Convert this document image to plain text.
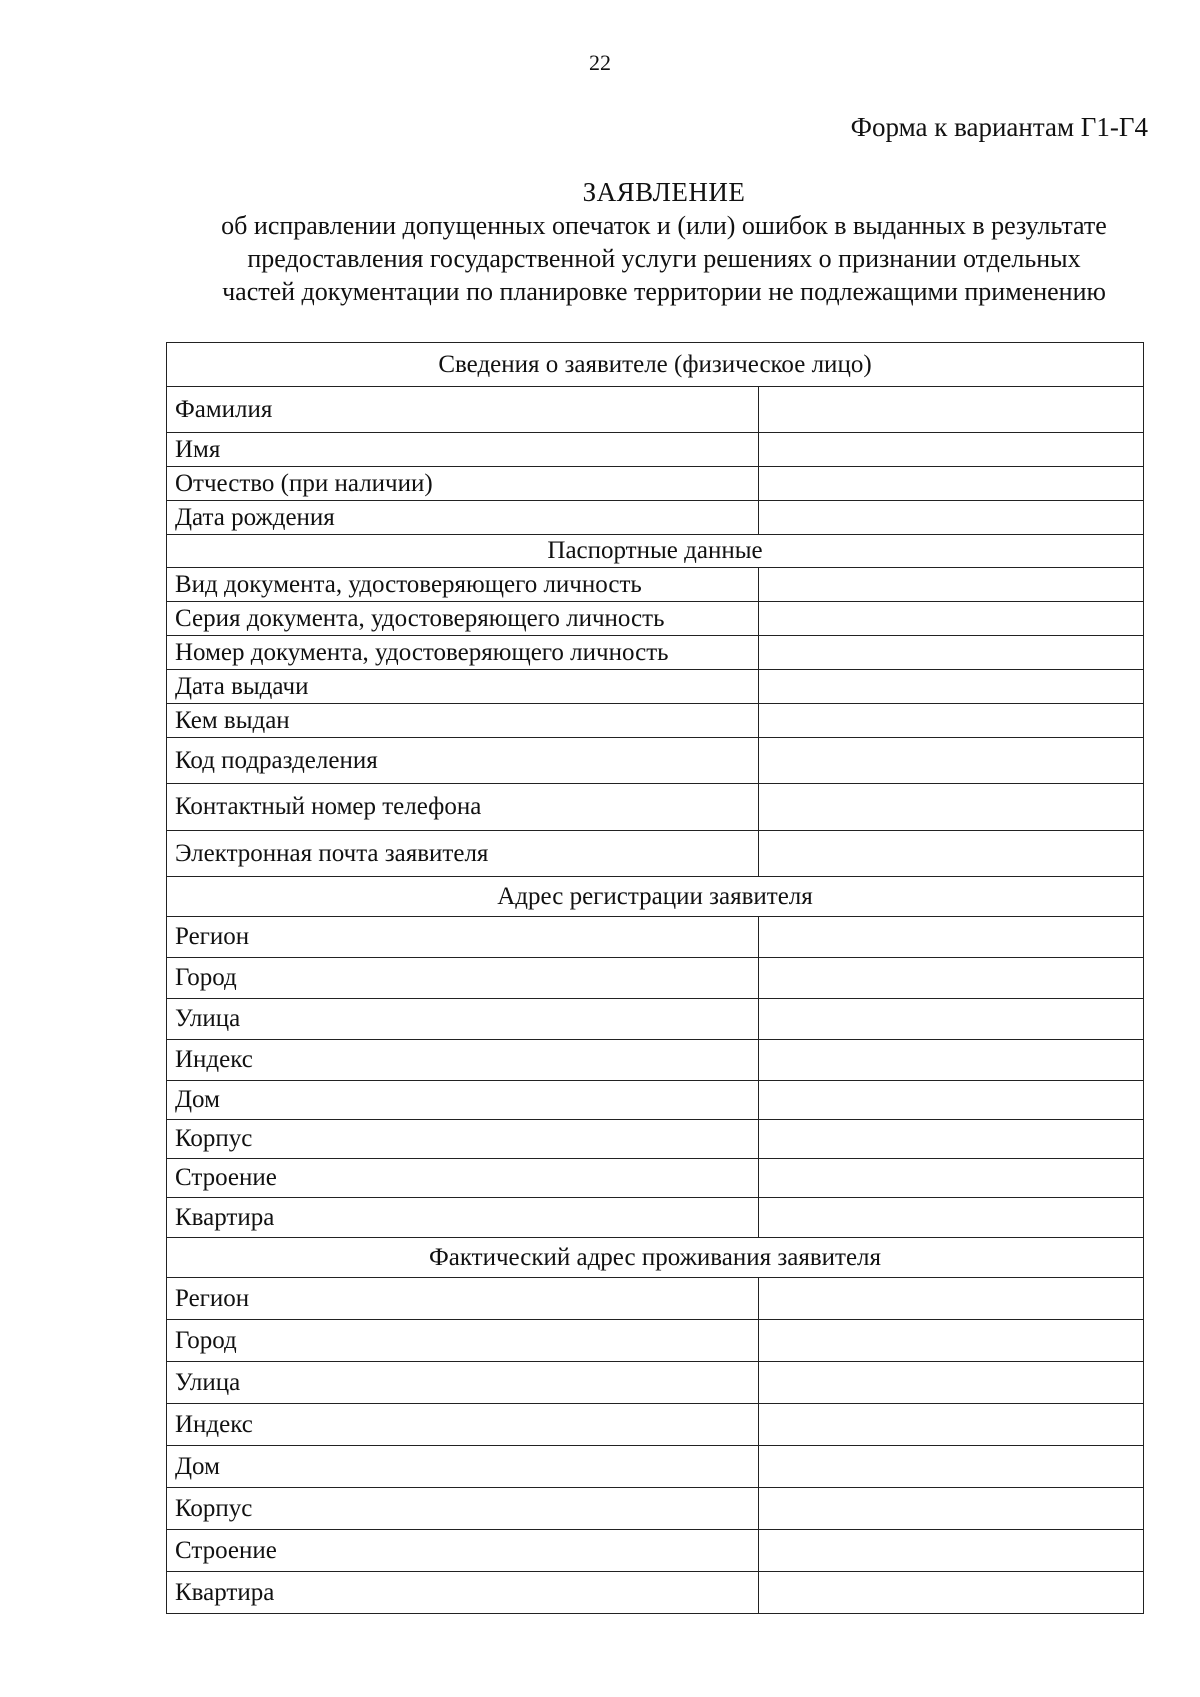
22
Форма к вариантам Г1-Г4
ЗАЯВЛЕНИЕ
об исправлении допущенных опечаток и (или) ошибок в выданных в результате
предоставления государственной услуги решениях о признании отдельных
частей документации по планировке территории не подлежащими применению
Сведения о заявителе (физическое лицо)	
Фамилия	
Имя	
Отчество (при наличии)	
Дата рождения	
Паспортные данные	
Вид документа, удостоверяющего личность	
Серия документа, удостоверяющего личность	
Номер документа, удостоверяющего личность	
Дата выдачи	
Кем выдан	
Код подразделения	
Контактный номер телефона	
Электронная почта заявителя	
Адрес регистрации заявителя	
Регион	
Город	
Улица	
Индекс	
Дом	
Корпус	
Строение	
Квартира	
Фактический адрес проживания заявителя	
Регион	
Город	
Улица	
Индекс	
Дом	
Корпус	
Строение	
Квартира	
